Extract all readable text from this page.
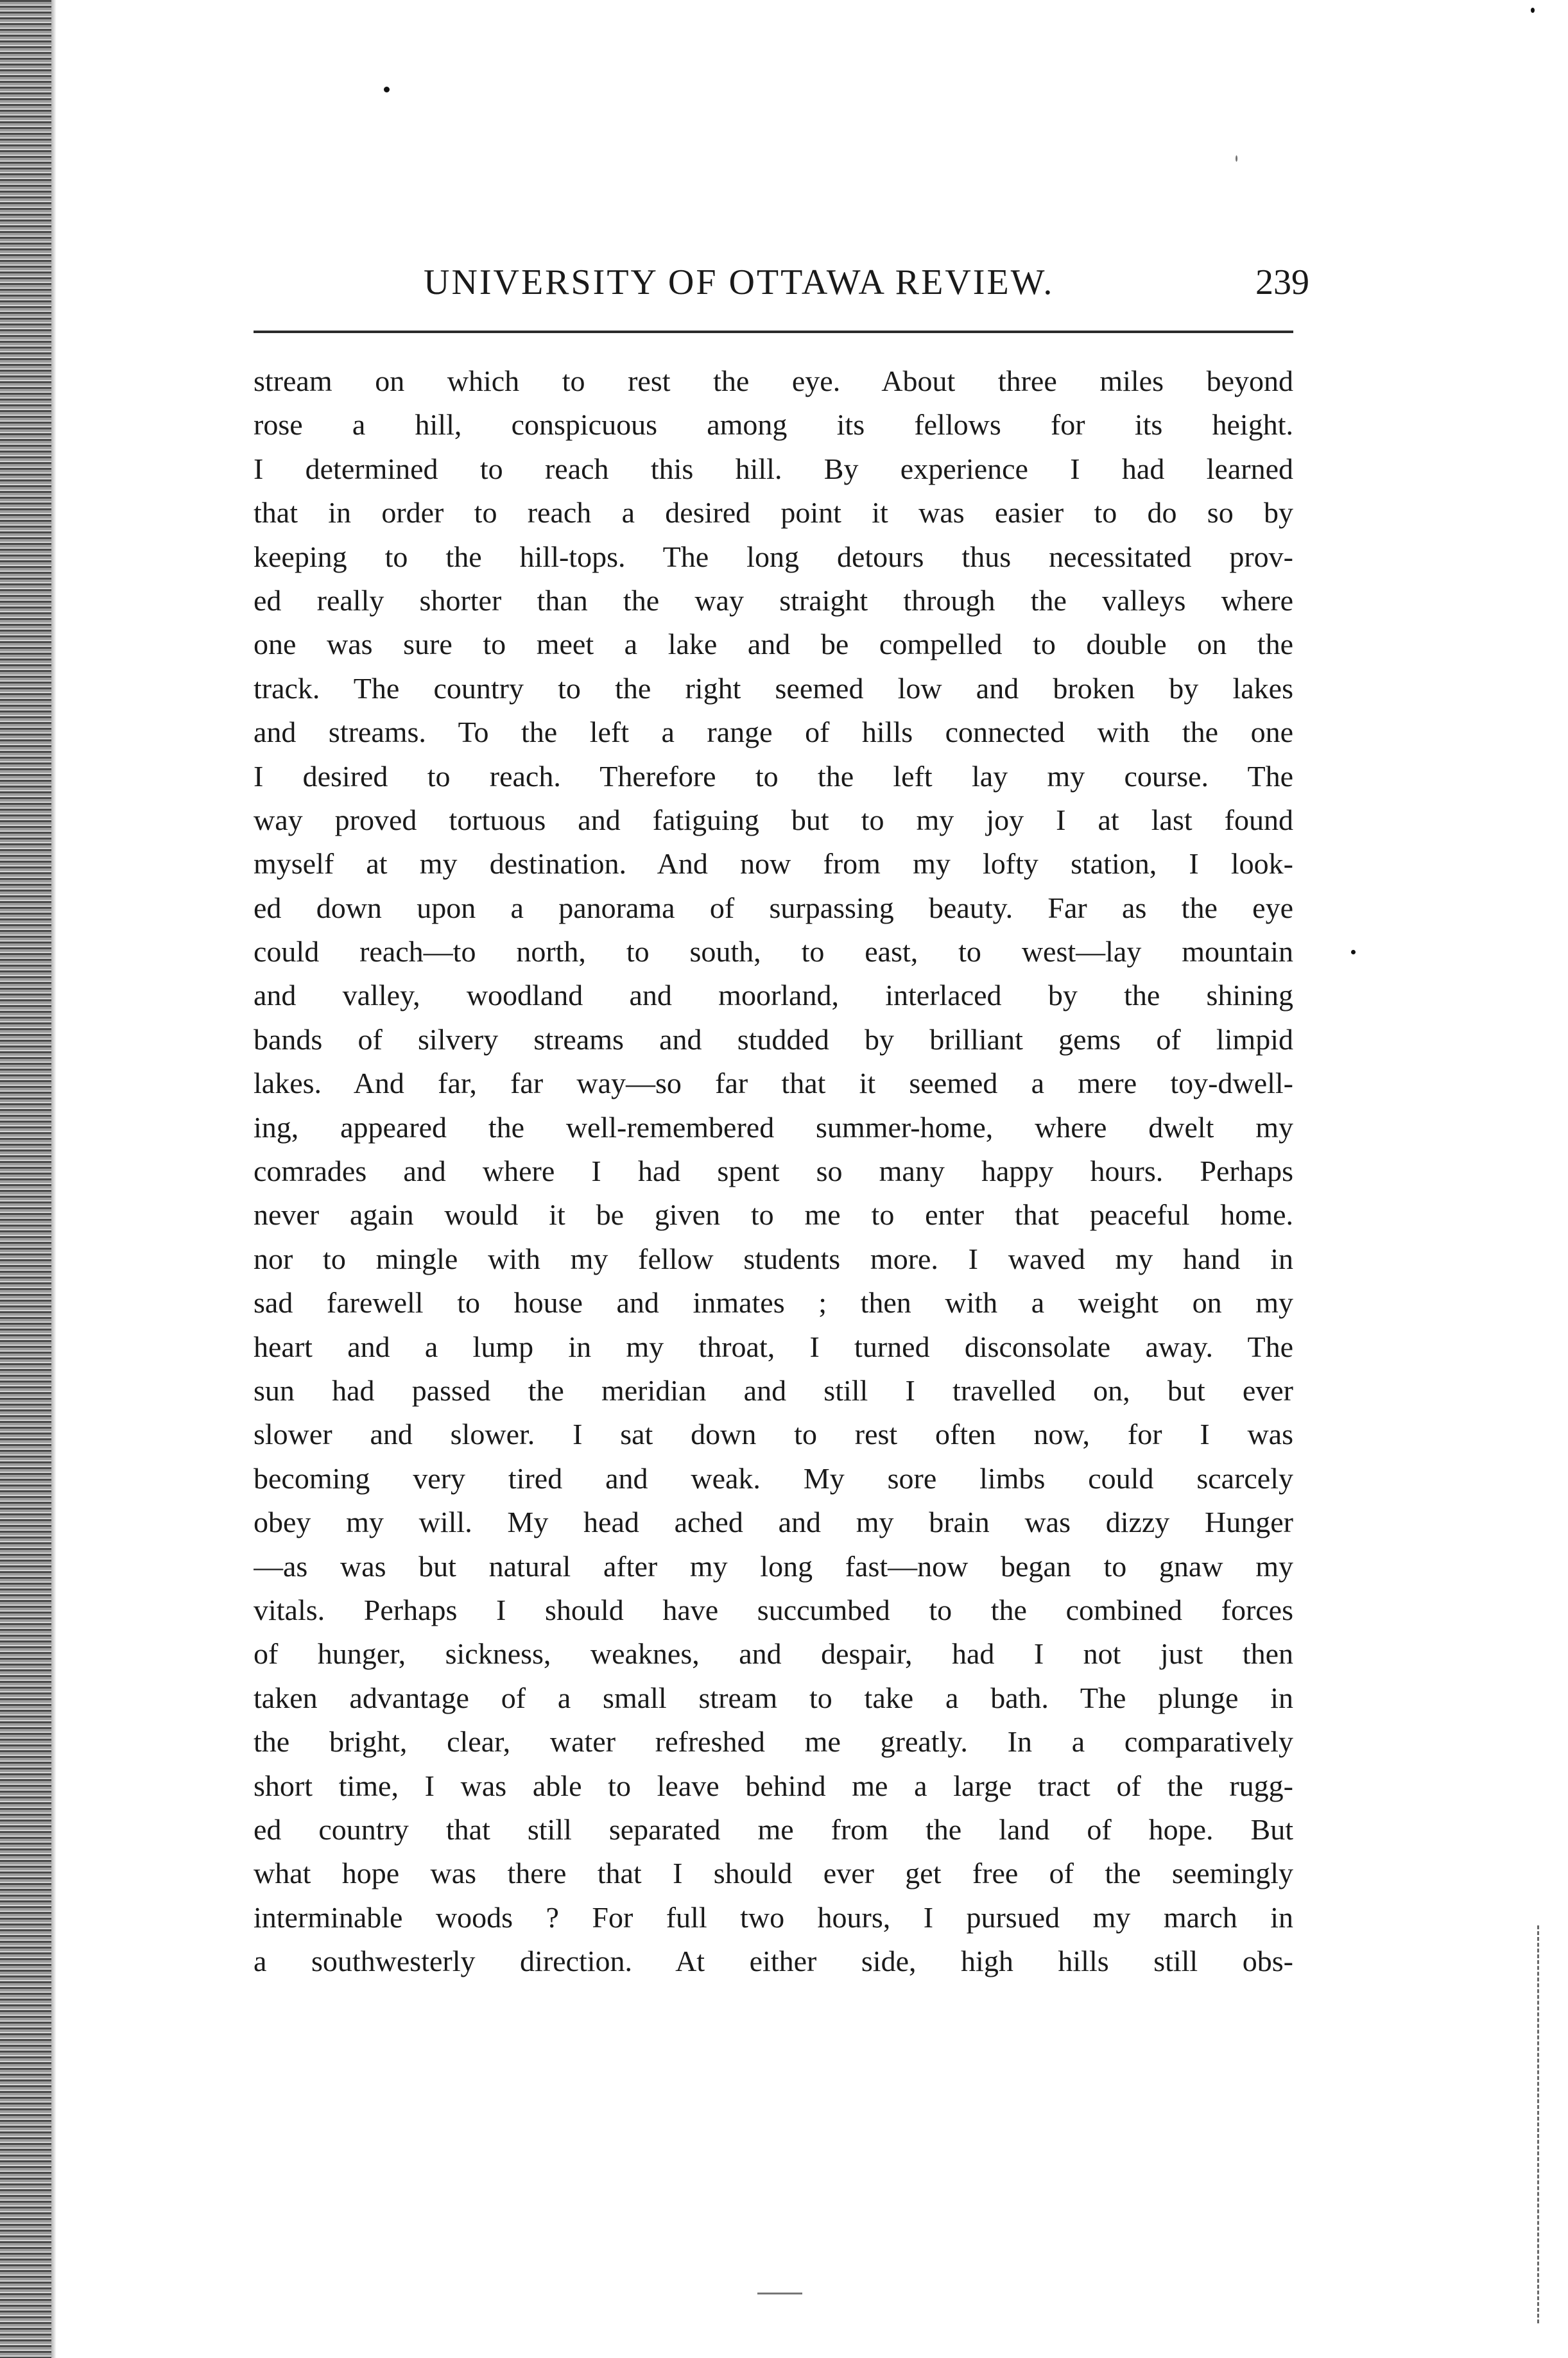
UNIVERSITY OF OTTAWA REVIEW.	239
stream on which to rest the eye. About three miles beyond
rose a hill, conspicuous among its fellows for its height.
I determined to reach this hill. By experience I had learned
that in order to reach a desired point it was easier to do so by
keeping to the hill-tops. The long detours thus necessitated prov-
ed really shorter than the way straight through the valleys where
one was sure to meet a lake and be compelled to double on the
track. The country to the right seemed low and broken by lakes
and streams. To the left a range of hills connected with the one
I desired to reach. Therefore to the left lay my course. The
way proved tortuous and fatiguing but to my joy I at last found
myself at my destination. And now from my lofty station, I look-
ed down upon a panorama of surpassing beauty. Far as the eye
could reach—to north, to south, to east, to west—lay mountain
and valley, woodland and moorland, interlaced by the shining
bands of silvery streams and studded by brilliant gems of limpid
lakes. And far, far way—so far that it seemed a mere toy-dwell-
ing, appeared the well-remembered summer-home, where dwelt my
comrades and where I had spent so many happy hours. Perhaps
never again would it be given to me to enter that peaceful home.
nor to mingle with my fellow students more. I waved my hand in
sad farewell to house and inmates ; then with a weight on my
heart and a lump in my throat, I turned disconsolate away. The
sun had passed the meridian and still I travelled on, but ever
slower and slower. I sat down to rest often now, for I was
becoming very tired and weak. My sore limbs could scarcely
obey my will. My head ached and my brain was dizzy Hunger
—as was but natural after my long fast—now began to gnaw my
vitals. Perhaps I should have succumbed to the combined forces
of hunger, sickness, weaknes, and despair, had I not just then
taken advantage of a small stream to take a bath. The plunge in
the bright, clear, water refreshed me greatly. In a comparatively
short time, I was able to leave behind me a large tract of the rugg-
ed country that still separated me from the land of hope. But
what hope was there that I should ever get free of the seemingly
interminable woods ? For full two hours, I pursued my march in
a southwesterly direction. At either side, high hills still obs-
